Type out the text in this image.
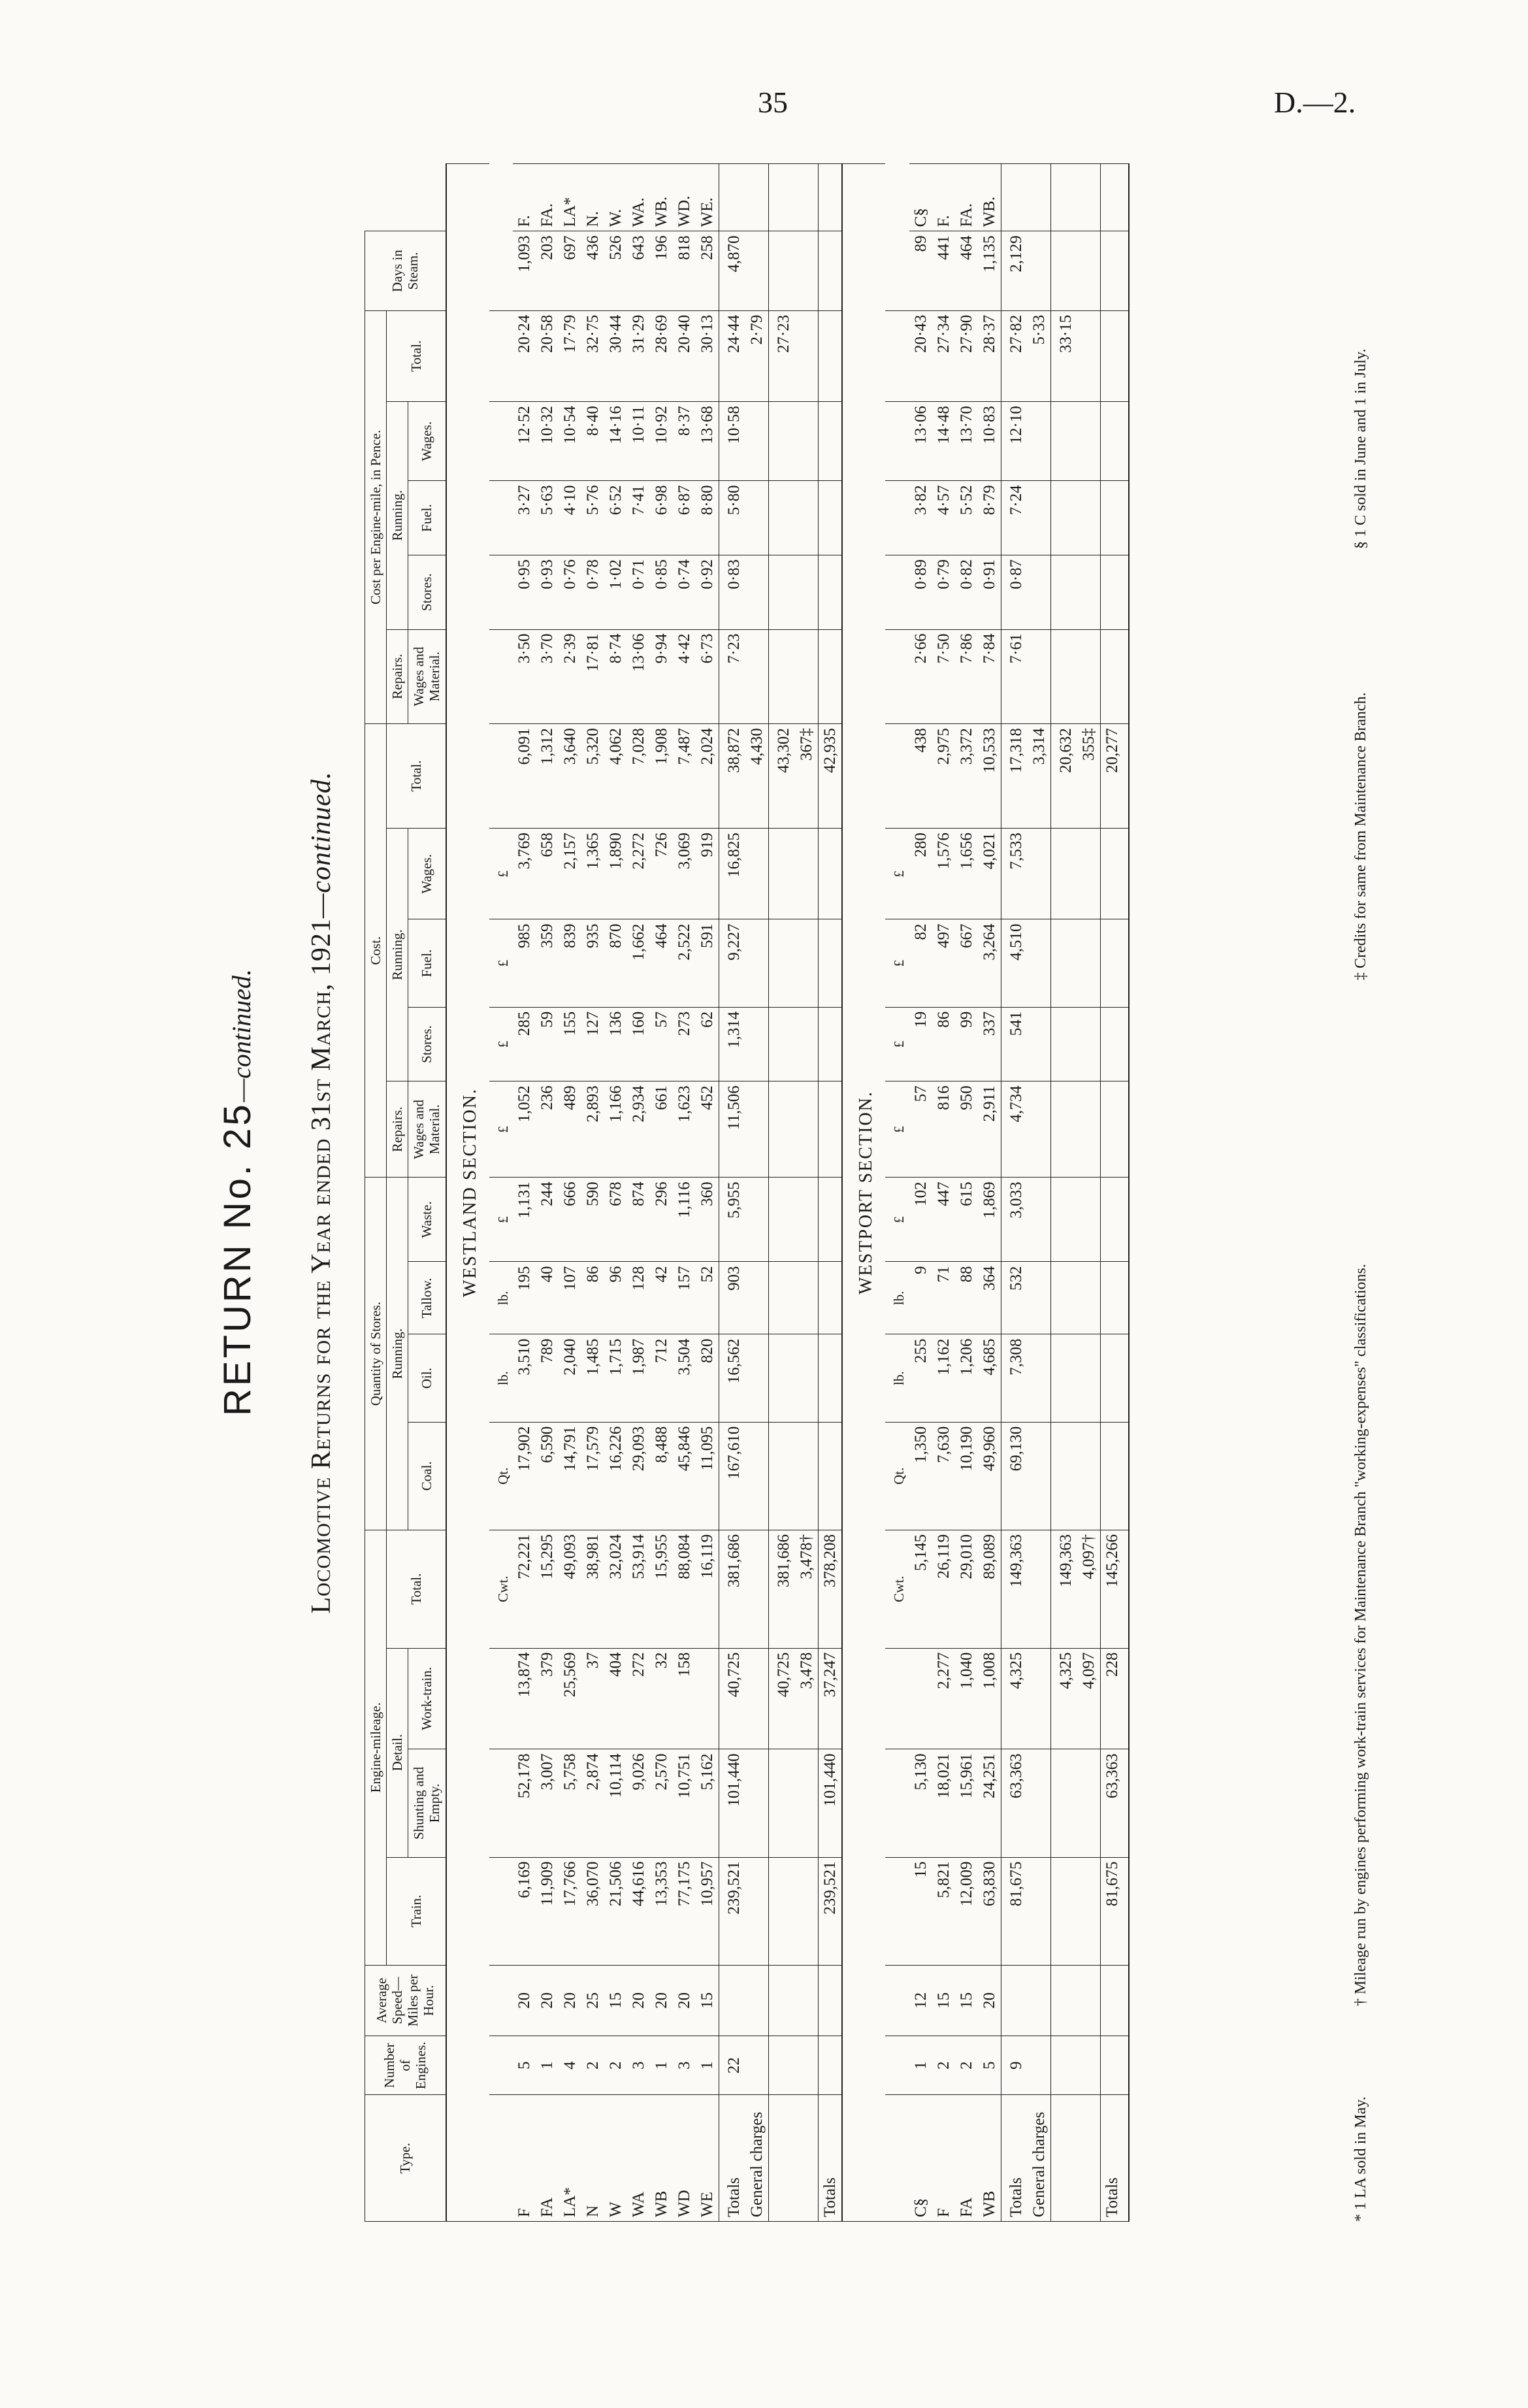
35	D.—2.
RETURN No. 25—continued. Locomotive Returns for the Year ended 31st March, 1921—continued.
Type.	Number of Engines.	Average Speed— Miles per Hour.	Engine-mileage.				Quantity of Stores.				Cost.					Cost per Engine-mile, in Pence.					Days in Steam.	
			Train.	Detail.		Total.	Running.				Repairs.	Running.			Total.	Repairs.	Running.			Total.		
				Shunting and Empty.	Work-train.		Coal.	Oil.	Tallow.	Waste.	Wages and Material.	Stores.	Fuel.	Wages.		Wages and Material.	Stores.	Fuel.	Wages.			
WESTLAND SECTION.																						
						Cwt.	Qt.	lb.	lb.	£	£	£	£	£								
F	5	20	6,169	52,178	13,874	72,221	17,902	3,510	195	1,131	1,052	285	985	3,769	6,091	3·50	0·95	3·27	12·52	20·24	1,093	F.
FA	1	20	11,909	3,007	379	15,295	6,590	789	40	244	236	59	359	658	1,312	3·70	0·93	5·63	10·32	20·58	203	FA.
LA*	4	20	17,766	5,758	25,569	49,093	14,791	2,040	107	666	489	155	839	2,157	3,640	2·39	0·76	4·10	10·54	17·79	697	LA*
N	2	25	36,070	2,874	37	38,981	17,579	1,485	86	590	2,893	127	935	1,365	5,320	17·81	0·78	5·76	8·40	32·75	436	N.
W	2	15	21,506	10,114	404	32,024	16,226	1,715	96	678	1,166	136	870	1,890	4,062	8·74	1·02	6·52	14·16	30·44	526	W.
WA	3	20	44,616	9,026	272	53,914	29,093	1,987	128	874	2,934	160	1,662	2,272	7,028	13·06	0·71	7·41	10·11	31·29	643	WA.
WB	1	20	13,353	2,570	32	15,955	8,488	712	42	296	661	57	464	726	1,908	9·94	0·85	6·98	10·92	28·69	196	WB.
WD	3	20	77,175	10,751	158	88,084	45,846	3,504	157	1,116	1,623	273	2,522	3,069	7,487	4·42	0·74	6·87	8·37	20·40	818	WD.
WE	1	15	10,957	5,162		16,119	11,095	820	52	360	452	62	591	919	2,024	6·73	0·92	8·80	13·68	30·13	258	WE.
Totals	22		239,521	101,440	40,725	381,686	167,610	16,562	903	5,955	11,506	1,314	9,227	16,825	38,872	7·23	0·83	5·80	10·58	24·44	4,870	
General charges															4,430					2·79		
					40,725	381,686									43,302					27·23		
					3,478	3,478†									367‡							
Totals			239,521	101,440	37,247	378,208									42,935							
WESTPORT SECTION.																						
						Cwt.	Qt.	lb.	lb.	£	£	£	£	£								
C§	1	12	15	5,130		5,145	1,350	255	9	102	57	19	82	280	438	2·66	0·89	3·82	13·06	20·43	89	C§
F	2	15	5,821	18,021	2,277	26,119	7,630	1,162	71	447	816	86	497	1,576	2,975	7·50	0·79	4·57	14·48	27·34	441	F.
FA	2	15	12,009	15,961	1,040	29,010	10,190	1,206	88	615	950	99	667	1,656	3,372	7·86	0·82	5·52	13·70	27·90	464	FA.
WB	5	20	63,830	24,251	1,008	89,089	49,960	4,685	364	1,869	2,911	337	3,264	4,021	10,533	7·84	0·91	8·79	10·83	28·37	1,135	WB.
Totals	9		81,675	63,363	4,325	149,363	69,130	7,308	532	3,033	4,734	541	4,510	7,533	17,318	7·61	0·87	7·24	12·10	27·82	2,129	
General charges															3,314					5·33		
					4,325	149,363									20,632					33·15		
					4,097	4,097†									355‡							
Totals			81,675	63,363	228	145,266									20,277							
* 1 LA sold in May.
† Mileage run by engines performing work-train services for Maintenance Branch "working-expenses" classifications.
‡ Credits for same from Maintenance Branch.
§ 1 C sold in June and 1 in July.
